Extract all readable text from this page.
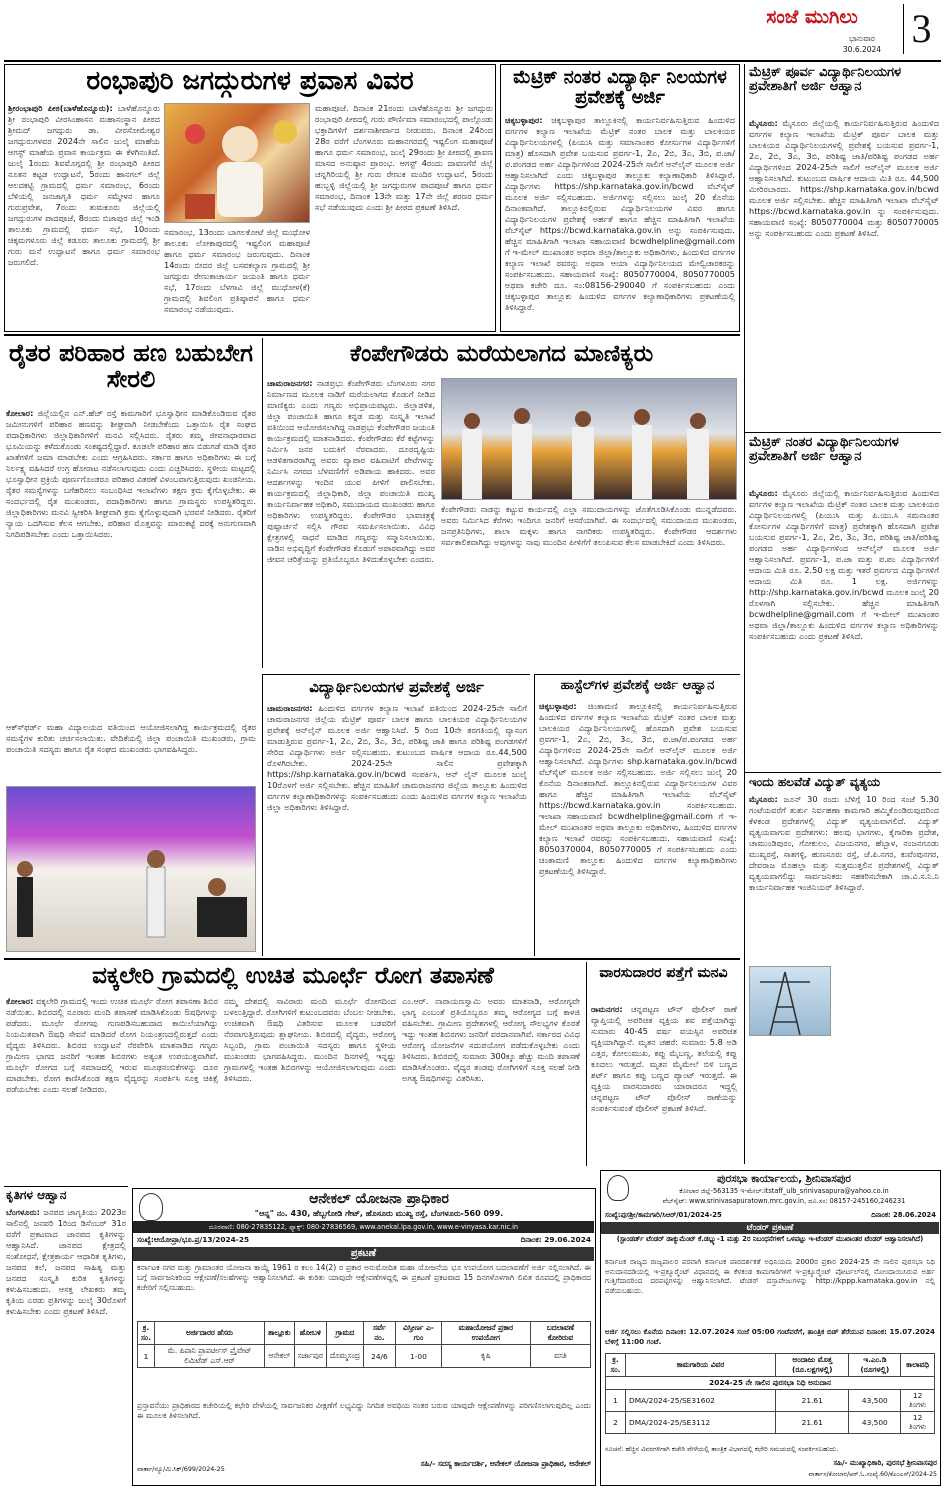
ಸಂಜೆ ಮುಗಿಲು
ಭಾನುವಾರ
30.6.2024 3
ರಂಭಾಪುರಿ ಜಗದ್ಗುರುಗಳ ಪ್ರವಾಸ ವಿವರ
ಶ್ರೀರಂಭಾಪುರಿ ಪೀಠ(ಬಾಳೆಹೊನ್ನೂರು): ಬಾಳೆಹೊನ್ನೂರು ಶ್ರೀ ರಂಭಾಪುರಿ ವೀರಸಿಂಹಾಸನ ಮಹಾಸಂಸ್ಥಾನ ಪೀಠದ ಶ್ರೀಮದ್ ಜಗದ್ಗುರು ಡಾ. ವೀರಸೋಮೇಶ್ವರ ಜಗದ್ಗುರುಗಳವರ 2024ನೇ ಸಾಲಿನ ಜುಲೈ ಮಾಹೆಯ ಆಗಸ್ಟ್ ಮಾಹೆಯ ಪ್ರವಾಸ ಕಾರ್ಯಕ್ರಮ ಈ ಕೆಳಗಿನಂತಿದೆ. ಜುಲೈ 1ರಂದು ಶಿವಮೊಗ್ಗದಲ್ಲಿ ಶ್ರೀ ರಂಭಾಪುರಿ ಪೀಠದ ನೂತನ ಕಟ್ಟಡ ಉದ್ಘಾಟನೆ, 5ರಂದು ಹಾನಗಲ್ ಜಿಲ್ಲೆ ಆಲದಕಟ್ಟಿ ಗ್ರಾಮದಲ್ಲಿ ಧರ್ಮ ಸಮಾರಂಭ, 6ರಂದು ಬೆಳಿಯಲ್ಲಿ ಜನಜಾಗೃತಿ ಧರ್ಮ ಸಮ್ಮೇಳನ ಹಾಗೂ ಗುರುಪ್ರವೇಶ, 7ರಂದು ತುಮಕೂರು ಜಿಲ್ಲೆಯಲ್ಲಿ ಜಗದ್ಗುರುಗಳ ಪಾದಪೂಜೆ, 8ರಂದು ಬಿಜಾಪುರ ಜಿಲ್ಲೆ ಇಂಡಿ ತಾಲೂಕು ಗ್ರಾಮದಲ್ಲಿ ಧರ್ಮ ಸಭೆ, 10ರಂದು ಚಿಕ್ಕಮಗಳೂರು ಜಿಲ್ಲೆ ಕಡೂರು ತಾಲೂಕು ಗ್ರಾಮದಲ್ಲಿ ಶ್ರೀ ಗುರು ಮನೆ ಉದ್ಘಾಟನೆ ಹಾಗೂ ಧರ್ಮ ಸಮಾರಂಭ ಜರುಗಲಿದೆ.
ಸಮಾರಂಭ, 13ರಂದು ಬಾಗಲಕೋಟೆ ಜಿಲ್ಲೆ ಮುಧೋಳ ತಾಲೂಕು ಲೋಕಾಪುರದಲ್ಲಿ ಇಷ್ಟಲಿಂಗ ಮಹಾಪೂಜೆ ಹಾಗೂ ಧರ್ಮ ಸಮಾರಂಭ ಜರುಗುವುದು. ದಿನಾಂಕ 14ರಂದು ಬೀದರ ಜಿಲ್ಲೆ ಬಸವಕಲ್ಯಾಣ ಗ್ರಾಮದಲ್ಲಿ ಶ್ರೀ ಜಗದ್ಗುರು ರೇಣುಕಾಚಾರ್ಯ ಜಯಂತಿ ಹಾಗೂ ಧರ್ಮ ಸಭೆ, 17ರಂದು ಬೆಳಗಾವಿ ಜಿಲ್ಲೆ ಮುಧೋಳ(ಕೆ) ಗ್ರಾಮದಲ್ಲಿ ಶಿವಲಿಂಗ ಪ್ರತಿಷ್ಠಾಪನೆ ಹಾಗೂ ಧರ್ಮ ಸಮಾರಂಭ ನಡೆಯುವುದು.
ಮಹಾಪೂಜೆ. ದಿನಾಂಕ 21ರಂದು ಬಾಳೆಹೊನ್ನೂರು ಶ್ರೀ ಜಗದ್ಗುರು ರಂಭಾಪುರಿ ಪೀಠದಲ್ಲಿ ಗುರು ಪೌರ್ಣಿಮಾ ಸಮಾರಂಭದಲ್ಲಿ ಪಾಲ್ಗೊಂಡು ಭಕ್ತಾದಿಗಳಿಗೆ ದರ್ಶನಾಶೀರ್ವಾದ ನೀಡುವರು. ದಿನಾಂಕ 24ರಿಂದ 28ರ ವರೆಗೆ ಬೆಂಗಳೂರು ಮಹಾನಗರದಲ್ಲಿ ಇಷ್ಟಲಿಂಗ ಮಹಾಪೂಜೆ ಹಾಗೂ ಧರ್ಮ ಸಮಾರಂಭ, ಜುಲೈ 29ರಂದು ಶ್ರೀ ಪೀಠದಲ್ಲಿ ಶ್ರಾವಣ ಮಾಸದ ಅನುಷ್ಠಾನ ಪ್ರಾರಂಭ. ಆಗಸ್ಟ್ 4ರಂದು ದಾವಣಗೆರೆ ಜಿಲ್ಲೆ ಚನ್ನಗಿರಿಯಲ್ಲಿ ಶ್ರೀ ಗುರು ರೇಣುಕ ಮಂದಿರ ಉದ್ಘಾಟನೆ, 5ರಂದು ಹುಬ್ಬಳ್ಳಿ ಜಿಲ್ಲೆಯಲ್ಲಿ ಶ್ರೀ ಜಗದ್ಗುರುಗಳ ಪಾದಪೂಜೆ ಹಾಗೂ ಧರ್ಮ ಸಮಾರಂಭ, ದಿನಾಂಕ 13ನೇ ಮತ್ತು 17ನೇ ಜಿಲ್ಲೆ ಶರಣರ ಧರ್ಮ ಸಭೆ ನಡೆಯುವುದು ಎಂದು ಶ್ರೀ ಪೀಠದ ಪ್ರಕಟಣೆ ತಿಳಿಸಿದೆ.
ಮೆಟ್ರಿಕ್ ನಂತರ ವಿದ್ಯಾರ್ಥಿ ನಿಲಯಗಳ ಪ್ರವೇಶಕ್ಕೆ ಅರ್ಜಿ
ಚಿಕ್ಕಬಳ್ಳಾಪುರ: ಚಿಕ್ಕಬಳ್ಳಾಪುರ ತಾಲ್ಲೂಕಿನಲ್ಲಿ ಕಾರ್ಯನಿರ್ವಹಿಸುತ್ತಿರುವ ಹಿಂದುಳಿದ ವರ್ಗಗಳ ಕಲ್ಯಾಣ ಇಲಾಖೆಯ ಮೆಟ್ರಿಕ್ ನಂತರ ಬಾಲಕ ಮತ್ತು ಬಾಲಕಿಯರ ವಿದ್ಯಾರ್ಥಿನಿಲಯಗಳಲ್ಲಿ (ಪಿಯುಸಿ ಮತ್ತು ಸಮಾನಾಂತರ ಕೋರ್ಸುಗಳ ವಿದ್ಯಾರ್ಥಿಗಳಿಗೆ ಮಾತ್ರ) ಹೊಸದಾಗಿ ಪ್ರವೇಶ ಬಯಸುವ ಪ್ರವರ್ಗ-1, 2ಎ, 2ಬಿ, 3ಎ, 3ಬಿ, ಪ.ಜಾ/ಪ.ಪಂಗಡದ ಅರ್ಹ ವಿದ್ಯಾರ್ಥಿಗಳಿಂದ 2024-25ನೇ ಸಾಲಿಗೆ ಆನ್‍ಲೈನ್ ಮೂಲಕ ಅರ್ಜಿ ಆಹ್ವಾನಿಸಲಾಗಿದೆ ಎಂದು ಚಿಕ್ಕಬಳ್ಳಾಪುರ ತಾಲ್ಲೂಕು ಕಲ್ಯಾಣಾಧಿಕಾರಿ ತಿಳಿಸಿದ್ದಾರೆ. ವಿದ್ಯಾರ್ಥಿಗಳು https://shp.karnataka.gov.in/bcwd ವೆಬ್‍ಸೈಟ್ ಮೂಲಕ ಅರ್ಜಿ ಸಲ್ಲಿಸಬಹುದು. ಅರ್ಜಿಗಳನ್ನು ಸಲ್ಲಿಸಲು ಜುಲೈ 20 ಕೊನೆಯ ದಿನಾಂಕವಾಗಿದೆ. ತಾಲ್ಲೂಕಿನಲ್ಲಿರುವ ವಿದ್ಯಾರ್ಥಿನಿಲಯಗಳ ವಿವರ ಹಾಗೂ ವಿದ್ಯಾರ್ಥಿನಿಲಯಗಳ ಪ್ರವೇಶಕ್ಕೆ ಅರ್ಹತೆ ಹಾಗೂ ಹೆಚ್ಚಿನ ಮಾಹಿತಿಗಾಗಿ ಇಲಾಖೆಯ ವೆಬ್‍ಸೈಟ್ https://bcwd.karnataka.gov.in ಅನ್ನು ಸಂಪರ್ಕಿಸುವುದು. ಹೆಚ್ಚಿನ ಮಾಹಿತಿಗಾಗಿ ಇಲಾಖಾ ಸಹಾಯವಾಣಿ bcwdhelpline@gmail.com ಗೆ ಇ-ಮೇಲ್ ಮುಖಾಂತರ ಅಥವಾ ಜಿಲ್ಲಾ/ತಾಲ್ಲೂಕು ಅಧಿಕಾರಿಗಳು, ಹಿಂದುಳಿದ ವರ್ಗಗಳ ಕಲ್ಯಾಣ ಇಲಾಖೆ ರವರನ್ನು ಅಥವಾ ಆಯಾ ವಿದ್ಯಾರ್ಥಿನಿಲಯದ ಮೇಲ್ವಿಚಾರಕರನ್ನು ಸಂಪರ್ಕಿಸಬಹುದು. ಸಹಾಯವಾಣಿ ಸಂಖ್ಯೆ: 8050770004, 8050770005 ಅಥವಾ ಕಚೇರಿ ದೂ. ಸಂ:08156-290040 ಗೆ ಸಂಪರ್ಕಿಸಬಹುದು ಎಂದು ಚಿಕ್ಕಬಳ್ಳಾಪುರ ತಾಲ್ಲೂಕು ಹಿಂದುಳಿದ ವರ್ಗಗಳ ಕಲ್ಯಾಣಾಧಿಕಾರಿಗಳು ಪ್ರಕಟಣೆಯಲ್ಲಿ ತಿಳಿಸಿದ್ದಾರೆ.
ಮೆಟ್ರಿಕ್ ಪೂರ್ವ ವಿದ್ಯಾರ್ಥಿನಿಲಯಗಳ ಪ್ರವೇಶಾತಿಗೆ ಅರ್ಜಿ ಆಹ್ವಾನ
ಮೈಸೂರು: ಮೈಸೂರು ಜಿಲ್ಲೆಯಲ್ಲಿ ಕಾರ್ಯನಿರ್ವಹಿಸುತ್ತಿರುವ ಹಿಂದುಳಿದ ವರ್ಗಗಳ ಕಲ್ಯಾಣ ಇಲಾಖೆಯ ಮೆಟ್ರಿಕ್ ಪೂರ್ವ ಬಾಲಕ ಮತ್ತು ಬಾಲಕಿಯರ ವಿದ್ಯಾರ್ಥಿನಿಲಯಗಳಲ್ಲಿ ಪ್ರವೇಶಕ್ಕೆ ಬಯಸುವ ಪ್ರವರ್ಗ-1, 2ಎ, 2ಬಿ, 3ಎ, 3ಬಿ, ಪರಿಶಿಷ್ಟ ಜಾತಿ/ಪರಿಶಿಷ್ಟ ಪಂಗಡದ ಅರ್ಹ ವಿದ್ಯಾರ್ಥಿಗಳಿಂದ 2024-25ನೇ ಸಾಲಿಗೆ ಆನ್‍ಲೈನ್ ಮೂಲಕ ಅರ್ಜಿ ಆಹ್ವಾನಿಸಲಾಗಿದೆ. ಕುಟುಂಬದ ವಾರ್ಷಿಕ ಆದಾಯ ಮಿತಿ ರೂ. 44,500 ಮೀರಿರಬಾರದು. https://shp.karnataka.gov.in/bcwd ಮೂಲಕ ಅರ್ಜಿ ಸಲ್ಲಿಸಬೇಕು. ಹೆಚ್ಚಿನ ಮಾಹಿತಿಗಾಗಿ ಇಲಾಖಾ ವೆಬ್‍ಸೈಟ್ https://bcwd.karnataka.gov.in ನ್ನು ಸಂಪರ್ಕಿಸುವುದು. ಸಹಾಯವಾಣಿ ಸಂಖ್ಯೆ: 8050770004 ಮತ್ತು 8050770005 ಅನ್ನು ಸಂಪರ್ಕಿಸಬಹುದು ಎಂದು ಪ್ರಕಟಣೆ ತಿಳಿಸಿದೆ.
ಮೆಟ್ರಿಕ್ ನಂತರ ವಿದ್ಯಾರ್ಥಿನಿಲಯಗಳ ಪ್ರವೇಶಾತಿಗೆ ಅರ್ಜಿ ಆಹ್ವಾನ
ಮೈಸೂರು: ಮೈಸೂರು ಜಿಲ್ಲೆಯಲ್ಲಿ ಕಾರ್ಯನಿರ್ವಹಿಸುತ್ತಿರುವ ಹಿಂದುಳಿದ ವರ್ಗಗಳ ಕಲ್ಯಾಣ ಇಲಾಖೆಯ ಮೆಟ್ರಿಕ್ ನಂತರ ಬಾಲಕ ಮತ್ತು ಬಾಲಕಿಯರ ವಿದ್ಯಾರ್ಥಿನಿಲಯಗಳಲ್ಲಿ (ಪಿಯುಸಿ ಮತ್ತು ಪಿ.ಯು.ಸಿ ಸಮನಾಂತರ ಕೋರ್ಸುಗಳ ವಿದ್ಯಾರ್ಥಿಗಳಿಗೆ ಮಾತ್ರ) ಪ್ರವೇಶಕ್ಕಾಗಿ ಹೊಸದಾಗಿ ಪ್ರವೇಶ ಬಯಸುವ ಪ್ರವರ್ಗ-1, 2ಎ, 2ಬಿ, 3ಎ, 3ಬಿ, ಪರಿಶಿಷ್ಟ ಜಾತಿ/ಪರಿಶಿಷ್ಟ ಪಂಗಡದ ಅರ್ಹ ವಿದ್ಯಾರ್ಥಿಗಳಿಂದ ಆನ್‍ಲೈನ್ ಮೂಲಕ ಅರ್ಜಿ ಆಹ್ವಾನಿಸಲಾಗಿದೆ. ಪ್ರವರ್ಗ-1, ಪ.ಜಾ ಮತ್ತು ಪ.ಪಂ ವಿದ್ಯಾರ್ಥಿಗಳಿಗೆ ಆದಾಯ ಮಿತಿ ರೂ. 2.50 ಲಕ್ಷ ಮತ್ತು ಇತರೆ ಪ್ರವರ್ಗದ ವಿದ್ಯಾರ್ಥಿಗಳಿಗೆ ಆದಾಯ ಮಿತಿ ರೂ. 1 ಲಕ್ಷ. ಅರ್ಜಿಗಳನ್ನು http://shp.karnataka.gov.in/bcwd ಮೂಲಕ ಜುಲೈ 20 ರೊಳಗಾಗಿ ಸಲ್ಲಿಸಬೇಕು. ಹೆಚ್ಚಿನ ಮಾಹಿತಿಗಾಗಿ bcwdhelpline@gmail.com ಗೆ ಇ-ಮೇಲ್ ಮುಖಾಂತರ ಅಥವಾ ಜಿಲ್ಲಾ/ತಾಲ್ಲೂಕು ಹಿಂದುಳಿದ ವರ್ಗಗಳ ಕಲ್ಯಾಣ ಅಧಿಕಾರಿಗಳನ್ನು ಸಂಪರ್ಕಿಸಬಹುದು ಎಂದು ಪ್ರಕಟಣೆ ತಿಳಿಸಿದೆ.
ಇಂದು ಹಲವೆಡೆ ವಿದ್ಯುತ್ ವ್ಯತ್ಯಯ
ಮೈಸೂರು: ಜೂನ್ 30 ರಂದು ಬೆಳಿಗ್ಗೆ 10 ರಿಂದ ಸಂಜೆ 5.30 ಗಂಟೆಯವರೆಗೆ ತುರ್ತು ನಿರ್ವಹಣಾ ಕಾಮಗಾರಿ ಹಮ್ಮಿಕೊಂಡಿರುವುದರಿಂದ ಕೆಳಕಂಡ ಪ್ರದೇಶಗಳಲ್ಲಿ ವಿದ್ಯುತ್ ವ್ಯತ್ಯಯವಾಗಲಿದೆ. ವಿದ್ಯುತ್ ವ್ಯತ್ಯಯವಾಗುವ ಪ್ರದೇಶಗಳು: ಹಲವು ಭಾಗಗಳು, ಕೈಗಾರಿಕಾ ಪ್ರದೇಶ, ಚಾಮುಂಡಿಪುರಂ, ಗೋಕುಲಂ, ವಿಜಯನಗರ, ಹೆಬ್ಬಾಳ, ನಂಜನಗೂಡು ಮುಖ್ಯರಸ್ತೆ, ಸಾತಗಳ್ಳಿ, ಹುಣಸೂರು ರಸ್ತೆ, ಜೆ.ಪಿ.ನಗರ, ಕುವೆಂಪುನಗರ, ದೇವರಾಜ ಮೊಹಲ್ಲಾ ಮತ್ತು ಸುತ್ತಮುತ್ತಲಿನ ಪ್ರದೇಶಗಳಲ್ಲಿ ವಿದ್ಯುತ್ ವ್ಯತ್ಯಯವಾಗಲಿದ್ದು ಸಾರ್ವಜನಿಕರು ಸಹಕರಿಸಬೇಕಾಗಿ ಚಾ.ವಿ.ಸ.ನಿ.ನಿ ಕಾರ್ಯನಿರ್ವಾಹಕ ಇಂಜಿನಿಯರ್ ತಿಳಿಸಿದ್ದಾರೆ.
ರೈತರ ಪರಿಹಾರ ಹಣ ಬಹುಬೇಗ ಸೇರಲಿ
ಕೋಲಾರ: ಜಿಲ್ಲೆಯಲ್ಲಿನ ಎನ್.ಹೆಚ್ ರಸ್ತೆ ಕಾಮಗಾರಿಗೆ ಭೂಸ್ವಾಧೀನ ಮಾಡಿಕೊಂಡಿರುವ ರೈತರ ಜಮೀನುಗಳಿಗೆ ಪರಿಹಾರ ಹಣವನ್ನು ಶೀಘ್ರವಾಗಿ ನೀಡಬೇಕೆಂದು ಒತ್ತಾಯಿಸಿ ರೈತ ಸಂಘದ ಪದಾಧಿಕಾರಿಗಳು ಜಿಲ್ಲಾಧಿಕಾರಿಗಳಿಗೆ ಮನವಿ ಸಲ್ಲಿಸಿದರು. ರೈತರು ತಮ್ಮ ಜೀವನಾಧಾರವಾದ ಭೂಮಿಯನ್ನು ಕಳೆದುಕೊಂಡು ಸಂಕಷ್ಟದಲ್ಲಿದ್ದಾರೆ. ಕೂಡಲೇ ಪರಿಹಾರ ಹಣ ಬಿಡುಗಡೆ ಮಾಡಿ ರೈತರ ಖಾತೆಗಳಿಗೆ ಜಮಾ ಮಾಡಬೇಕು ಎಂದು ಆಗ್ರಹಿಸಿದರು. ಸರ್ಕಾರ ಹಾಗೂ ಅಧಿಕಾರಿಗಳು ಈ ಬಗ್ಗೆ ನಿರ್ಲಕ್ಷ್ಯ ವಹಿಸಿದರೆ ಉಗ್ರ ಹೋರಾಟ ನಡೆಸಲಾಗುವುದು ಎಂದು ಎಚ್ಚರಿಸಿದರು. ಸ್ಥಳೀಯ ಮಟ್ಟದಲ್ಲಿ ಭೂಸ್ವಾಧೀನ ಪ್ರಕ್ರಿಯೆ ಪೂರ್ಣಗೊಂಡರೂ ಪರಿಹಾರ ವಿತರಣೆ ವಿಳಂಬವಾಗುತ್ತಿರುವುದು ಖಂಡನೀಯ. ರೈತರ ಸಮಸ್ಯೆಗಳನ್ನು ಬಗೆಹರಿಸಲು ಸಂಬಂಧಿಸಿದ ಇಲಾಖೆಗಳು ತಕ್ಷಣ ಕ್ರಮ ಕೈಗೊಳ್ಳಬೇಕು. ಈ ಸಂದರ್ಭದಲ್ಲಿ ರೈತ ಮುಖಂಡರು, ಪದಾಧಿಕಾರಿಗಳು ಹಾಗೂ ಗ್ರಾಮಸ್ಥರು ಉಪಸ್ಥಿತರಿದ್ದರು. ಜಿಲ್ಲಾಧಿಕಾರಿಗಳು ಮನವಿ ಸ್ವೀಕರಿಸಿ ಶೀಘ್ರವಾಗಿ ಕ್ರಮ ಕೈಗೊಳ್ಳುವುದಾಗಿ ಭರವಸೆ ನೀಡಿದರು. ರೈತರಿಗೆ ನ್ಯಾಯ ಒದಗಿಸುವ ಕೆಲಸ ಆಗಬೇಕು, ಪರಿಹಾರ ಮೊತ್ತವನ್ನು ಮಾರುಕಟ್ಟೆ ದರಕ್ಕೆ ಅನುಗುಣವಾಗಿ ನಿಗದಿಪಡಿಸಬೇಕು ಎಂದು ಒತ್ತಾಯಿಸಿದರು.
ಆಕ್ಸ್‍ಫರ್ಡ್ ಮಹಾ ವಿದ್ಯಾಲಯದ ವತಿಯಿಂದ ಆಯೋಜಿಸಲಾಗಿದ್ದ ಕಾರ್ಯಕ್ರಮದಲ್ಲಿ ರೈತರ ಸಮಸ್ಯೆಗಳ ಕುರಿತು ಚರ್ಚಿಸಲಾಯಿತು. ವೇದಿಕೆಯಲ್ಲಿ ಜಿಲ್ಲಾ ಪಂಚಾಯಿತಿ ಮುಖಂಡರು, ಗ್ರಾಮ ಪಂಚಾಯಿತಿ ಸದಸ್ಯರು ಹಾಗೂ ರೈತ ಸಂಘದ ಮುಖಂಡರು ಭಾಗವಹಿಸಿದ್ದರು.
ಕೆಂಪೇಗೌಡರು ಮರೆಯಲಾಗದ ಮಾಣಿಕ್ಯರು
ಚಾಮರಾಜನಗರ: ನಾಡಪ್ರಭು ಕೆಂಪೇಗೌಡರು ಬೆಂಗಳೂರು ನಗರ ನಿರ್ಮಾಣದ ಮೂಲಕ ನಾಡಿಗೆ ಮರೆಯಲಾಗದ ಕೊಡುಗೆ ನೀಡಿದ ಮಾಣಿಕ್ಯರು ಎಂದು ಗಣ್ಯರು ಅಭಿಪ್ರಾಯಪಟ್ಟರು. ಜಿಲ್ಲಾಡಳಿತ, ಜಿಲ್ಲಾ ಪಂಚಾಯಿತಿ ಹಾಗೂ ಕನ್ನಡ ಮತ್ತು ಸಂಸ್ಕೃತಿ ಇಲಾಖೆ ವತಿಯಿಂದ ಆಯೋಜಿಸಲಾಗಿದ್ದ ನಾಡಪ್ರಭು ಕೆಂಪೇಗೌಡರ ಜಯಂತಿ ಕಾರ್ಯಕ್ರಮದಲ್ಲಿ ಮಾತನಾಡಿದರು. ಕೆಂಪೇಗೌಡರು ಕೆರೆ ಕಟ್ಟೆಗಳನ್ನು ನಿರ್ಮಿಸಿ ಜನರ ಬದುಕಿಗೆ ನೆರವಾದರು. ದೂರದೃಷ್ಟಿಯ ಆಡಳಿತಗಾರರಾಗಿದ್ದ ಅವರು ವ್ಯಾಪಾರ ವಹಿವಾಟಿಗೆ ಪೇಟೆಗಳನ್ನು ನಿರ್ಮಿಸಿ ನಗರದ ಬೆಳವಣಿಗೆಗೆ ಅಡಿಪಾಯ ಹಾಕಿದರು. ಅವರ ಆದರ್ಶಗಳನ್ನು ಇಂದಿನ ಯುವ ಪೀಳಿಗೆ ಪಾಲಿಸಬೇಕು. ಕಾರ್ಯಕ್ರಮದಲ್ಲಿ ಜಿಲ್ಲಾಧಿಕಾರಿ, ಜಿಲ್ಲಾ ಪಂಚಾಯಿತಿ ಮುಖ್ಯ ಕಾರ್ಯನಿರ್ವಾಹಕ ಅಧಿಕಾರಿ, ಸಮುದಾಯದ ಮುಖಂಡರು ಹಾಗೂ ಅಧಿಕಾರಿಗಳು ಉಪಸ್ಥಿತರಿದ್ದರು. ಕೆಂಪೇಗೌಡರ ಭಾವಚಿತ್ರಕ್ಕೆ ಪುಷ್ಪಾರ್ಚನೆ ಸಲ್ಲಿಸಿ ಗೌರವ ಸಮರ್ಪಿಸಲಾಯಿತು. ವಿವಿಧ ಕ್ಷೇತ್ರಗಳಲ್ಲಿ ಸಾಧನೆ ಮಾಡಿದ ಗಣ್ಯರನ್ನು ಸನ್ಮಾನಿಸಲಾಯಿತು. ನಾಡಿನ ಅಭಿವೃದ್ಧಿಗೆ ಕೆಂಪೇಗೌಡರ ಕೊಡುಗೆ ಅಪಾರವಾಗಿದ್ದು ಅವರ ಜೀವನ ಚರಿತ್ರೆಯನ್ನು ಪ್ರತಿಯೊಬ್ಬರೂ ತಿಳಿದುಕೊಳ್ಳಬೇಕು ಎಂದರು.
ಕೆಂಪೇಗೌಡರು ನಾಡನ್ನು ಕಟ್ಟುವ ಕಾರ್ಯದಲ್ಲಿ ಎಲ್ಲಾ ಸಮುದಾಯಗಳನ್ನು ಜೊತೆಗೂಡಿಸಿಕೊಂಡು ಮುನ್ನಡೆದವರು. ಅವರು ನಿರ್ಮಿಸಿದ ಕೆರೆಗಳು ಇಂದಿಗೂ ಜನರಿಗೆ ಆಸರೆಯಾಗಿವೆ. ಈ ಸಂದರ್ಭದಲ್ಲಿ ಸಮುದಾಯದ ಮುಖಂಡರು, ಜನಪ್ರತಿನಿಧಿಗಳು, ಶಾಲಾ ಮಕ್ಕಳು ಹಾಗೂ ನಾಗರಿಕರು ಉಪಸ್ಥಿತರಿದ್ದರು. ಕೆಂಪೇಗೌಡರ ಆದರ್ಶಗಳು ಸರ್ವಕಾಲಿಕವಾಗಿದ್ದು ಅವುಗಳನ್ನು ನಾವು ಮುಂದಿನ ಪೀಳಿಗೆಗೆ ತಲುಪಿಸುವ ಕೆಲಸ ಮಾಡಬೇಕಿದೆ ಎಂದು ತಿಳಿಸಿದರು.
ವಿದ್ಯಾರ್ಥಿನಿಲಯಗಳ ಪ್ರವೇಶಕ್ಕೆ ಅರ್ಜಿ
ಚಾಮರಾಜನಗರ: ಹಿಂದುಳಿದ ವರ್ಗಗಳ ಕಲ್ಯಾಣ ಇಲಾಖೆ ವತಿಯಿಂದ 2024-25ನೇ ಸಾಲಿಗೆ ಚಾಮರಾಜನಗರ ಜಿಲ್ಲೆಯ ಮೆಟ್ರಿಕ್ ಪೂರ್ವ ಬಾಲಕ ಹಾಗೂ ಬಾಲಕಿಯರ ವಿದ್ಯಾರ್ಥಿನಿಲಯಗಳ ಪ್ರವೇಶಕ್ಕೆ ಆನ್‍ಲೈನ್ ಮೂಲಕ ಅರ್ಜಿ ಆಹ್ವಾನಿಸಿದೆ. 5 ರಿಂದ 10ನೇ ತರಗತಿಯಲ್ಲಿ ವ್ಯಾಸಂಗ ಮಾಡುತ್ತಿರುವ ಪ್ರವರ್ಗ-1, 2ಎ, 2ಬಿ, 3ಎ, 3ಬಿ, ಪರಿಶಿಷ್ಟ ಜಾತಿ ಹಾಗೂ ಪರಿಶಿಷ್ಟ ಪಂಗಡಗಳಿಗೆ ಸೇರಿದ ವಿದ್ಯಾರ್ಥಿಗಳು ಅರ್ಜಿ ಸಲ್ಲಿಸಬಹುದು. ಕುಟುಂಬದ ವಾರ್ಷಿಕ ಆದಾಯ ರೂ.44,500 ರೊಳಗಿರಬೇಕು. 2024-25ನೇ ಸಾಲಿನ ಪ್ರವೇಶಕ್ಕಾಗಿ https://shp.karnataka.gov.in/bcwd ಸಂಪರ್ಕಿಸಿ, ಆನ್ ಲೈನ್ ಮೂಲಕ ಜುಲೈ 10ರೊಳಗೆ ಅರ್ಜಿ ಸಲ್ಲಿಸಬೇಕು. ಹೆಚ್ಚಿನ ಮಾಹಿತಿಗೆ ಚಾಮರಾಜನಗರ ಜಿಲ್ಲೆಯ ತಾಲ್ಲೂಕು ಹಿಂದುಳಿದ ವರ್ಗಗಳ ಕಲ್ಯಾಣಾಧಿಕಾರಿಗಳನ್ನು ಸಂಪರ್ಕಿಸಬಹುದು ಎಂದು ಹಿಂದುಳಿದ ವರ್ಗಗಳ ಕಲ್ಯಾಣ ಇಲಾಖೆಯ ಜಿಲ್ಲಾ ಅಧಿಕಾರಿಗಳು ತಿಳಿಸಿದ್ದಾರೆ.
ಹಾಸ್ಟೆಲ್‍ಗಳ ಪ್ರವೇಶಕ್ಕೆ ಅರ್ಜಿ ಆಹ್ವಾನ
ಚಿಕ್ಕಬಳ್ಳಾಪುರ: ಚಿಂತಾಮಣಿ ತಾಲ್ಲೂಕಿನಲ್ಲಿ ಕಾರ್ಯನಿರ್ವಹಿಸುತ್ತಿರುವ ಹಿಂದುಳಿದ ವರ್ಗಗಳ ಕಲ್ಯಾಣ ಇಲಾಖೆಯ ಮೆಟ್ರಿಕ್ ನಂತರ ಬಾಲಕ ಮತ್ತು ಬಾಲಕಿಯರ ವಿದ್ಯಾರ್ಥಿನಿಲಯಗಳಲ್ಲಿ ಹೊಸದಾಗಿ ಪ್ರವೇಶ ಬಯಸುವ ಪ್ರವರ್ಗ-1, 2ಎ, 2ಬಿ, 3ಎ, 3ಬಿ, ಪ.ಜಾ/ಪ.ಪಂಗಡದ ಅರ್ಹ ವಿದ್ಯಾರ್ಥಿಗಳಿಂದ 2024-25ನೇ ಸಾಲಿಗೆ ಆನ್‍ಲೈನ್ ಮೂಲಕ ಅರ್ಜಿ ಆಹ್ವಾನಿಸಲಾಗಿದೆ. ವಿದ್ಯಾರ್ಥಿಗಳು shp.karnataka.gov.in/bcwd ವೆಬ್‍ಸೈಟ್ ಮೂಲಕ ಅರ್ಜಿ ಸಲ್ಲಿಸಬಹುದು. ಅರ್ಜಿ ಸಲ್ಲಿಸಲು ಜುಲೈ 20 ಕೊನೆಯ ದಿನಾಂಕವಾಗಿದೆ. ತಾಲ್ಲೂಕಿನಲ್ಲಿರುವ ವಿದ್ಯಾರ್ಥಿನಿಲಯಗಳ ವಿವರ ಹಾಗೂ ಹೆಚ್ಚಿನ ಮಾಹಿತಿಗಾಗಿ ಇಲಾಖೆಯ ವೆಬ್‍ಸೈಟ್ https://bcwd.karnataka.gov.in ಸಂಪರ್ಕಿಸಬಹುದು. ಇಲಾಖಾ ಸಹಾಯವಾಣಿ bcwdhelpline@gmail.com ಗೆ ಇ-ಮೇಲ್ ಮುಖಾಂತರ ಅಥವಾ ತಾಲ್ಲೂಕು ಅಧಿಕಾರಿಗಳು, ಹಿಂದುಳಿದ ವರ್ಗಗಳ ಕಲ್ಯಾಣ ಇಲಾಖೆ ರವರನ್ನು ಸಂಪರ್ಕಿಸಬಹುದು. ಸಹಾಯವಾಣಿ ಸಂಖ್ಯೆ: 8050370004, 8050770005 ಗೆ ಸಂಪರ್ಕಿಸಬಹುದು ಎಂದು ಚಿಂತಾಮಣಿ ತಾಲ್ಲೂಕು ಹಿಂದುಳಿದ ವರ್ಗಗಳ ಕಲ್ಯಾಣಾಧಿಕಾರಿಗಳು ಪ್ರಕಟಣೆಯಲ್ಲಿ ತಿಳಿಸಿದ್ದಾರೆ.
ವಕ್ಕಲೇರಿ ಗ್ರಾಮದಲ್ಲಿ ಉಚಿತ ಮೂರ್ಛೆ ರೋಗ ತಪಾಸಣೆ
ಕೋಲಾರ: ವಕ್ಕಲೇರಿ ಗ್ರಾಮದಲ್ಲಿ ಇಂದು ಉಚಿತ ಮೂರ್ಛೆ ರೋಗ ತಪಾಸಣಾ ಶಿಬಿರ ನಡೆಯಿತು. ಶಿಬಿರದಲ್ಲಿ ನೂರಾರು ಮಂದಿ ತಪಾಸಣೆ ಮಾಡಿಸಿಕೊಂಡು ಔಷಧಿಗಳನ್ನು ಪಡೆದರು. ಮೂರ್ಛೆ ರೋಗವು ಗುಣಪಡಿಸಬಹುದಾದ ಕಾಯಿಲೆಯಾಗಿದ್ದು ನಿಯಮಿತವಾಗಿ ಔಷಧಿ ಸೇವನೆ ಮಾಡಿದರೆ ರೋಗ ನಿಯಂತ್ರಣದಲ್ಲಿರುತ್ತದೆ ಎಂದು ವೈದ್ಯರು ತಿಳಿಸಿದರು. ಶಿಬಿರದ ಉದ್ಘಾಟನೆ ನೆರವೇರಿಸಿ ಮಾತನಾಡಿದ ಗಣ್ಯರು ಗ್ರಾಮೀಣ ಭಾಗದ ಜನರಿಗೆ ಇಂತಹ ಶಿಬಿರಗಳು ಅತ್ಯಂತ ಉಪಯುಕ್ತವಾಗಿವೆ. ಮೂರ್ಛೆ ರೋಗದ ಬಗ್ಗೆ ಸಮಾಜದಲ್ಲಿ ಇರುವ ಮೂಢನಂಬಿಕೆಗಳನ್ನು ದೂರ ಮಾಡಬೇಕು. ರೋಗ ಕಾಣಿಸಿಕೊಂಡ ತಕ್ಷಣ ವೈದ್ಯರನ್ನು ಸಂಪರ್ಕಿಸಿ ಸೂಕ್ತ ಚಿಕಿತ್ಸೆ ಪಡೆಯಬೇಕು ಎಂದು ಸಲಹೆ ನೀಡಿದರು.
ನಮ್ಮ ದೇಶದಲ್ಲಿ ಸಾವಿರಾರು ಮಂದಿ ಮೂರ್ಛೆ ರೋಗದಿಂದ ಬಳಲುತ್ತಿದ್ದಾರೆ. ರೋಗಿಗಳಿಗೆ ಕುಟುಂಬದವರು ಬೆಂಬಲ ನೀಡಬೇಕು. ಉಚಿತವಾಗಿ ಔಷಧಿ ವಿತರಿಸುವ ಮೂಲಕ ಬಡವರಿಗೆ ನೆರವಾಗುತ್ತಿರುವುದು ಶ್ಲಾಘನೀಯ. ಶಿಬಿರದಲ್ಲಿ ವೈದ್ಯರು, ಆರೋಗ್ಯ ಸಿಬ್ಬಂದಿ, ಗ್ರಾಮ ಪಂಚಾಯಿತಿ ಸದಸ್ಯರು ಹಾಗೂ ಸ್ಥಳೀಯ ಮುಖಂಡರು ಭಾಗವಹಿಸಿದ್ದರು. ಮುಂದಿನ ದಿನಗಳಲ್ಲಿ ಇನ್ನಷ್ಟು ಗ್ರಾಮಗಳಲ್ಲಿ ಇಂತಹ ಶಿಬಿರಗಳನ್ನು ಆಯೋಜಿಸಲಾಗುವುದು ಎಂದು ತಿಳಿಸಿದರು.
ಎಂ.ಆರ್. ನಾರಾಯಣಸ್ವಾಮಿ ಅವರು ಮಾತನಾಡಿ, ಆರೋಗ್ಯವೇ ಭಾಗ್ಯ ಎಂಬಂತೆ ಪ್ರತಿಯೊಬ್ಬರೂ ತಮ್ಮ ಆರೋಗ್ಯದ ಬಗ್ಗೆ ಕಾಳಜಿ ವಹಿಸಬೇಕು. ಗ್ರಾಮೀಣ ಪ್ರದೇಶಗಳಲ್ಲಿ ಆರೋಗ್ಯ ಸೌಲಭ್ಯಗಳ ಕೊರತೆ ಇದ್ದು ಇಂತಹ ಶಿಬಿರಗಳು ಜನರಿಗೆ ವರದಾನವಾಗಿವೆ. ಸರ್ಕಾರದ ವಿವಿಧ ಆರೋಗ್ಯ ಯೋಜನೆಗಳ ಸದುಪಯೋಗ ಪಡೆದುಕೊಳ್ಳಬೇಕು ಎಂದು ತಿಳಿಸಿದರು. ಶಿಬಿರದಲ್ಲಿ ಸುಮಾರು 300ಕ್ಕೂ ಹೆಚ್ಚು ಮಂದಿ ತಪಾಸಣೆ ಮಾಡಿಸಿಕೊಂಡರು. ವೈದ್ಯರ ತಂಡವು ರೋಗಿಗಳಿಗೆ ಸೂಕ್ತ ಸಲಹೆ ನೀಡಿ ಅಗತ್ಯ ಔಷಧಿಗಳನ್ನು ವಿತರಿಸಿತು.
ವಾರಸುದಾರರ ಪತ್ತೆಗೆ ಮನವಿ
ರಾಮನಗರ: ಚನ್ನಪಟ್ಟಣ ಟೌನ್ ಪೊಲೀಸ್ ಠಾಣೆ ವ್ಯಾಪ್ತಿಯಲ್ಲಿ ಅಪರಿಚಿತ ವ್ಯಕ್ತಿಯ ಶವ ಪತ್ತೆಯಾಗಿದ್ದು ಸುಮಾರು 40-45 ವರ್ಷ ವಯಸ್ಸಿನ ಅಪರಿಚಿತ ವ್ಯಕ್ತಿಯಾಗಿದ್ದಾನೆ. ಮೃತನ ಚಹರೆ: ಸುಮಾರು 5.8 ಅಡಿ ಎತ್ತರ, ಕೋಲುಮುಖ, ಕಪ್ಪು ಮೈಬಣ್ಣ, ತಲೆಯಲ್ಲಿ ಕಪ್ಪು ಕೂದಲು ಇರುತ್ತದೆ. ಮೃತನ ಮೈಮೇಲೆ ಬಿಳಿ ಬಣ್ಣದ ಶರ್ಟ್ ಹಾಗೂ ಕಪ್ಪು ಬಣ್ಣದ ಪ್ಯಾಂಟ್ ಇರುತ್ತದೆ. ಈ ವ್ಯಕ್ತಿಯ ವಾರಸುದಾರರು ಯಾರಾದರೂ ಇದ್ದಲ್ಲಿ ಚನ್ನಪಟ್ಟಣ ಟೌನ್ ಪೊಲೀಸ್ ಠಾಣೆಯನ್ನು ಸಂಪರ್ಕಿಸುವಂತೆ ಪೊಲೀಸ್ ಪ್ರಕಟಣೆ ತಿಳಿಸಿದೆ.
ಕೃತಿಗಳ ಆಹ್ವಾನ
ಬೆಂಗಳೂರು: ಜನಪದ ಜಾಗೃತಿಯು 2023ರ ಸಾಲಿನಲ್ಲಿ ಜನವರಿ 1ರಿಂದ ಡಿಸೆಂಬರ್ 31ರ ವರೆಗೆ ಪ್ರಕಟವಾದ ಜಾನಪದ ಕೃತಿಗಳನ್ನು ಆಹ್ವಾನಿಸಿದೆ. ಜಾನಪದ ಕ್ಷೇತ್ರದಲ್ಲಿ ಸಂಶೋಧನೆ, ಕ್ಷೇತ್ರಕಾರ್ಯ ಆಧಾರಿತ ಕೃತಿಗಳು, ಜನಪದ ಕಲೆ, ಜನಪದ ಸಾಹಿತ್ಯ ಮತ್ತು ಜನಪದ ಸಂಸ್ಕೃತಿ ಕುರಿತ ಕೃತಿಗಳನ್ನು ಕಳುಹಿಸಬಹುದು. ಆಸಕ್ತ ಲೇಖಕರು ತಮ್ಮ ಕೃತಿಯ ಎರಡು ಪ್ರತಿಗಳನ್ನು ಜುಲೈ 30ರೊಳಗೆ ಕಳುಹಿಸಬೇಕು ಎಂದು ಪ್ರಕಟಣೆ ತಿಳಿಸಿದೆ.
ಆನೇಕಲ್ ಯೋಜನಾ ಪ್ರಾಧಿಕಾರ
"ಆನ್ನ" ನಂ. 430, ಹೆಬ್ಬಗೋಡಿ ಗೇಟ್, ಹೊಸೂರು ಮುಖ್ಯ ರಸ್ತೆ, ಬೆಂಗಳೂರು-560 099.
ದೂರವಾಣಿ: 080-27835122, ಫ್ಯಾಕ್ಸ್: 080-27836569, www.anekal.lpa.gov.in, www.e-vinyasa.kar.nic.in
ಸಂಖ್ಯೆ:ಆಯೋಪ್ರಾ/ಭೂ.ಪ್ರ/13/2024-25	ದಿನಾಂಕ: 29.06.2024
ಪ್ರಕಟಣೆ
ಕರ್ನಾಟಕ ನಗರ ಮತ್ತು ಗ್ರಾಮಾಂತರ ಯೋಜನಾ ಕಾಯ್ದೆ 1961 ರ ಕಲಂ 14(2) ರ ಪ್ರಕಾರ ಅನುಮೋದಿತ ಮಹಾ ಯೋಜನೆಯ ಭೂ ಉಪಯೋಗ ಬದಲಾವಣೆಗೆ ಅರ್ಜಿ ಸಲ್ಲಿಸಲಾಗಿದೆ. ಈ ಬಗ್ಗೆ ಸಾರ್ವಜನಿಕರಿಂದ ಆಕ್ಷೇಪಣೆ/ಸಲಹೆಗಳನ್ನು ಆಹ್ವಾನಿಸಲಾಗಿದೆ. ಈ ಕುರಿತು ಯಾವುದೇ ಆಕ್ಷೇಪಣೆಗಳಿದ್ದಲ್ಲಿ ಈ ಪ್ರಕಟಣೆ ಪ್ರಕಟವಾದ 15 ದಿನಗಳೊಳಗಾಗಿ ಲಿಖಿತ ರೂಪದಲ್ಲಿ ಪ್ರಾಧಿಕಾರದ ಕಚೇರಿಗೆ ಸಲ್ಲಿಸಬಹುದು.
ಕ್ರ. ಸಂ.	ಅರ್ಜಿದಾರರ ಹೆಸರು	ತಾಲ್ಲೂಕು	ಹೋಬಳಿ	ಗ್ರಾಮದ	ಸರ್ವೆ ನಂ.	ವಿಸ್ತೀರ್ಣ ಎ-ಗುಂ	ಮಹಾಯೋಜನೆ ಪ್ರಕಾರ ಉಪಯೋಗ	ಬದಲಾವಣೆ ಕೋರಿರುವ
1	ಮೆ. ಪಿಪಾನಿ ಪ್ರಾಪರ್ಟೀಸ್ ಪ್ರೈವೇಟ್ ಲಿಮಿಟೆಡ್ ಎಸ್.ಆರ್	ಆನೇಕಲ್	ಸರ್ಜಾಪುರ	ದೊಮ್ಮಸಂದ್ರ	24/6	1-00	ಕೃಷಿ	ವಸತಿ
ಪ್ರಸ್ತಾವನೆಯು ಪ್ರಾಧಿಕಾರದ ಕಚೇರಿಯಲ್ಲಿ ಕಛೇರಿ ವೇಳೆಯಲ್ಲಿ ಸಾರ್ವಜನಿಕರ ವೀಕ್ಷಣೆಗೆ ಲಭ್ಯವಿದ್ದು ನಿಗದಿತ ಅವಧಿಯ ನಂತರ ಬರುವ ಯಾವುದೇ ಆಕ್ಷೇಪಣೆಗಳನ್ನು ಪರಿಗಣಿಸಲಾಗುವುದಿಲ್ಲ ಎಂದು ಈ ಮೂಲಕ ತಿಳಿಸಲಾಗಿದೆ.
ವಾರ್ತಾ/ನ್ಯೂ/ಮಿ.ಸಿಕ್/699/2024-25
ಸಹಿ/- ಸದಸ್ಯ ಕಾರ್ಯದರ್ಶಿ, ಆನೇಕಲ್ ಯೋಜನಾ ಪ್ರಾಧಿಕಾರ, ಆನೇಕಲ್
ಪುರಸಭಾ ಕಾರ್ಯಾಲಯ, ಶ್ರೀನಿವಾಸಪುರ
ಕೋಲಾರ ಜಿಲ್ಲೆ-563135 ಇ-ಮೇಲ್:itstaff_ulb_srinivasapura@yahoo.co.in
ವೆಬ್‍ಸೈಟ್: www.srinivasapuratown.mrc.gov.in, ದೂ.ಸಂ: 08157-245160,246231
ಸಂಖ್ಯೆ:ಪುಸಶ್ರೀ/ಕಾಮಗಾರಿ/ಸಿಆರ್/01/2024-25	ದಿನಾಂಕ: 28.06.2024
ಟೆಂಡರ್ ಪ್ರಕಟಣೆ
(ಸ್ಟಾಂಡರ್ಡ್ ಟೆಂಡರ್ ಡಾಕ್ಯುಮೆಂಟ್ ಕೆ.ಡಬ್ಲ್ಯು-1 ಮತ್ತು 2ರ ನಿಬಂಧನೆಗಳಿಗೆ ಒಳಪಟ್ಟು ಇ-ಟೆಂಡರ್ ಮುಖಾಂತರ ಟೆಂಡರ್ ಆಹ್ವಾನಿಸಲಾಗಿದೆ)
ಕರ್ನಾಟಕ ರಾಜ್ಯದ ರಾಜ್ಯಪಾಲರ ಪರವಾಗಿ ಕರ್ನಾಟಕ ಪಾರದರ್ಶಕತೆ ಅಧಿನಿಯಮ 2000ರ ಪ್ರಕಾರ 2024-25 ನೇ ಸಾಲಿನ ಪುರಸಭಾ ನಿಧಿ ಅನುದಾನದಡಿಯಲ್ಲಿ ಇ-ಪ್ರಕ್ಯೂರ್‍ಮೆಂಟ್ ವಿಧಾನದಲ್ಲಿ ಈ ಕೆಳಕಂಡ ಕಾಮಗಾರಿಗಳಿಗೆ ಇ-ಪ್ರಕ್ಯೂರ್‍ಮೆಂಟ್ ಪೋರ್ಟಲ್‍ನಲ್ಲಿ ನೋಂದಾಯಿಸಿರುವ ಅರ್ಹ ಗುತ್ತಿಗೆದಾರರಿಂದ ದರಪಟ್ಟಿಗಳನ್ನು ಆಹ್ವಾನಿಸಲಾಗಿದೆ. ಟೆಂಡರ್ ದಸ್ತಾವೇಜುಗಳನ್ನು http://kppp.karnataka.gov.in ನಲ್ಲಿ ಪಡೆಯಬಹುದು.
ಅರ್ಜಿ ಸಲ್ಲಿಸಲು ಕೊನೆಯ ದಿನಾಂಕ: 12.07.2024 ಸಂಜೆ 05:00 ಗಂಟೆವರೆಗೆ, ತಾಂತ್ರಿಕ ಬಿಡ್ ತೆರೆಯುವ ದಿನಾಂಕ: 15.07.2024 ಬೆಳಿಗ್ಗೆ 11:00 ಗಂಟೆ.
ಕ್ರ. ಸಂ.	ಕಾಮಗಾರಿಯ ವಿವರ	ಅಂದಾಜು ಮೊತ್ತ (ರೂ.ಲಕ್ಷಗಳಲ್ಲಿ)	ಇ.ಎಂ.ಡಿ (ರೂಗಳಲ್ಲಿ)	ಕಾಲಾವಧಿ
2024-25 ನೇ ಸಾಲಿನ ಪುರಸಭಾ ನಿಧಿ ಅನುದಾನ				
1	DMA/2024-25/SE31602	21.61	43,500	12 ತಿಂಗಳು
2	DMA/2024-25/SE3112	21.61	43,500	12 ತಿಂಗಳು
ಸೂಚನೆ: ಹೆಚ್ಚಿನ ವಿವರಗಳಿಗಾಗಿ ಕಚೇರಿ ವೇಳೆಯಲ್ಲಿ ತಾಂತ್ರಿಕ ವಿಭಾಗದಲ್ಲಿ ಕಛೇರಿ ಸಮಯದಲ್ಲಿ ಸಂಪರ್ಕಿಸಬಹುದು.
ಸಹಿ/- ಮುಖ್ಯಾಧಿಕಾರಿ, ಪುರಸಭೆ ಶ್ರೀನಿವಾಸಪುರ
ವಾರ್ತಾಸ/ಕೋಲಾರ/ಆರ್.ಓ.ಸಂಖ್ಯೆ.60/ಕೆಎಂಎಸ್/2024-25
